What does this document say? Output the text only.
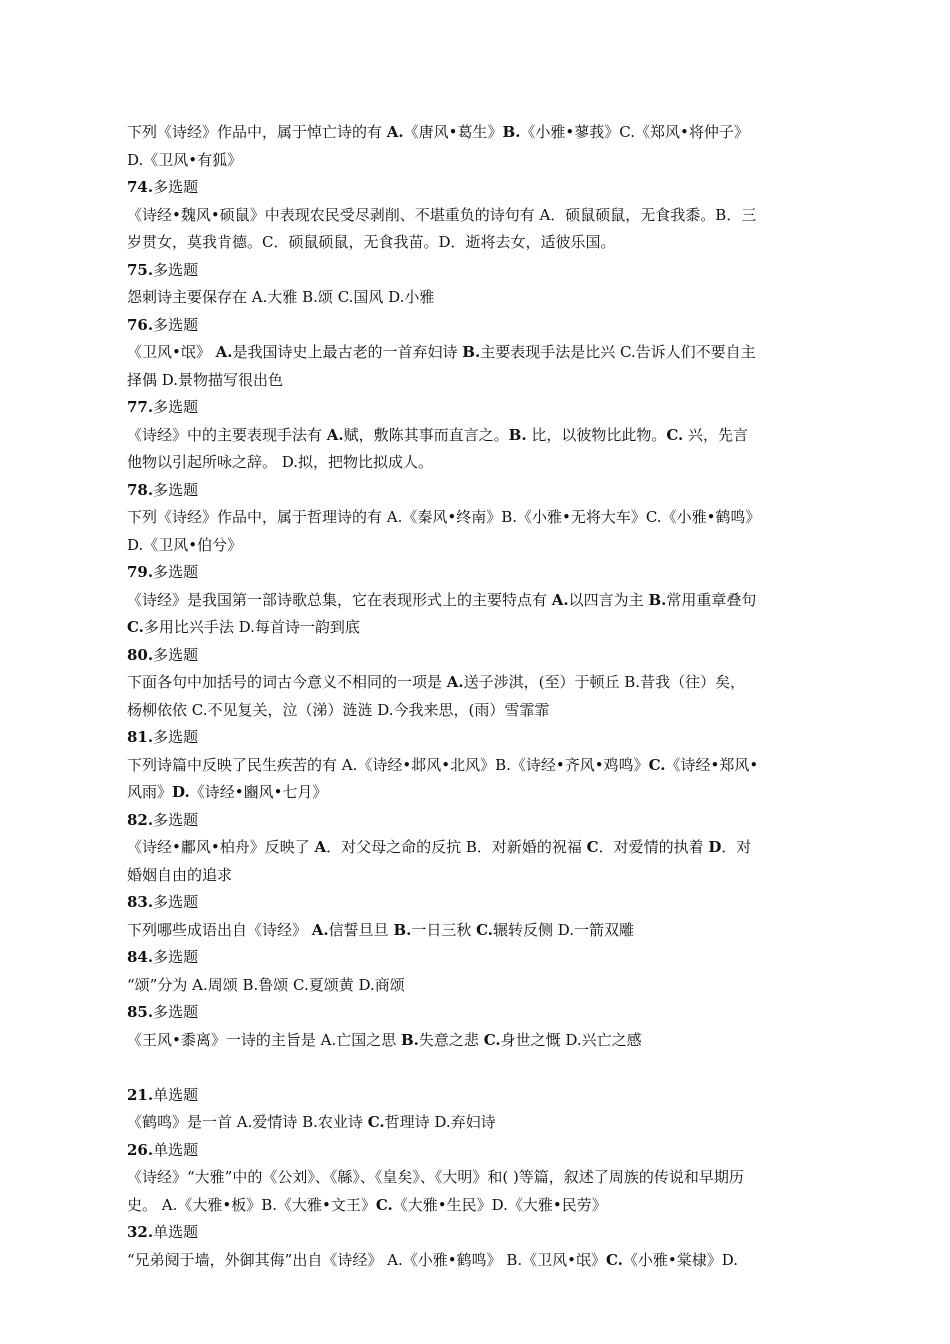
下列《诗经》作品中，属于悼亡诗的有 A.《唐风•葛生》B.《小雅•蓼莪》C.《郑风•将仲子》
D.《卫风•有狐》
74.多选题
《诗经•魏风•硕鼠》中表现农民受尽剥削、不堪重负的诗句有 A．硕鼠硕鼠，无食我黍。B．三
岁贯女，莫我肯德。C．硕鼠硕鼠，无食我苗。D．逝将去女，适彼乐国。
75.多选题
怨刺诗主要保存在 A.大雅 B.颂 C.国风 D.小雅
76.多选题
《卫风•氓》 A.是我国诗史上最古老的一首弃妇诗 B.主要表现手法是比兴 C.告诉人们不要自主
择偶 D.景物描写很出色
77.多选题
《诗经》中的主要表现手法有 A.赋，敷陈其事而直言之。B. 比，以彼物比此物。C. 兴，先言
他物以引起所咏之辞。 D.拟，把物比拟成人。
78.多选题
下列《诗经》作品中，属于哲理诗的有 A.《秦风•终南》B.《小雅•无将大车》C.《小雅•鹤鸣》
D.《卫风•伯兮》
79.多选题
《诗经》是我国第一部诗歌总集，它在表现形式上的主要特点有 A.以四言为主 B.常用重章叠句
C.多用比兴手法 D.每首诗一韵到底
80.多选题
下面各句中加括号的词古今意义不相同的一项是 A.送子涉淇，(至）于顿丘 B.昔我（往）矣，
杨柳依依 C.不见复关，泣（涕）涟涟 D.今我来思，(雨）雪霏霏
81.多选题
下列诗篇中反映了民生疾苦的有 A.《诗经•邶风•北风》B.《诗经•齐风•鸡鸣》C.《诗经•郑风•
风雨》D.《诗经•豳风•七月》
82.多选题
《诗经•鄘风•柏舟》反映了 A．对父母之命的反抗 B．对新婚的祝福 C．对爱情的执着 D．对
婚姻自由的追求
83.多选题
下列哪些成语出自《诗经》 A.信誓旦旦 B.一日三秋 C.辗转反侧 D.一箭双雕
84.多选题
“颂”分为 A.周颂 B.鲁颂 C.夏颂黄 D.商颂
85.多选题
《王风•黍离》一诗的主旨是 A.亡国之思 B.失意之悲 C.身世之慨 D.兴亡之感
21.单选题
《鹤鸣》是一首 A.爱情诗 B.农业诗 C.哲理诗 D.弃妇诗
26.单选题
《诗经》“大雅”中的《公刘》、《緜》、《皇矣》、《大明》和( )等篇，叙述了周族的传说和早期历
史。 A.《大雅•板》B.《大雅•文王》C.《大雅•生民》D.《大雅•民劳》
32.单选题
“兄弟阋于墙，外御其侮”出自《诗经》 A.《小雅•鹤鸣》 B.《卫风•氓》C.《小雅•棠棣》D.
